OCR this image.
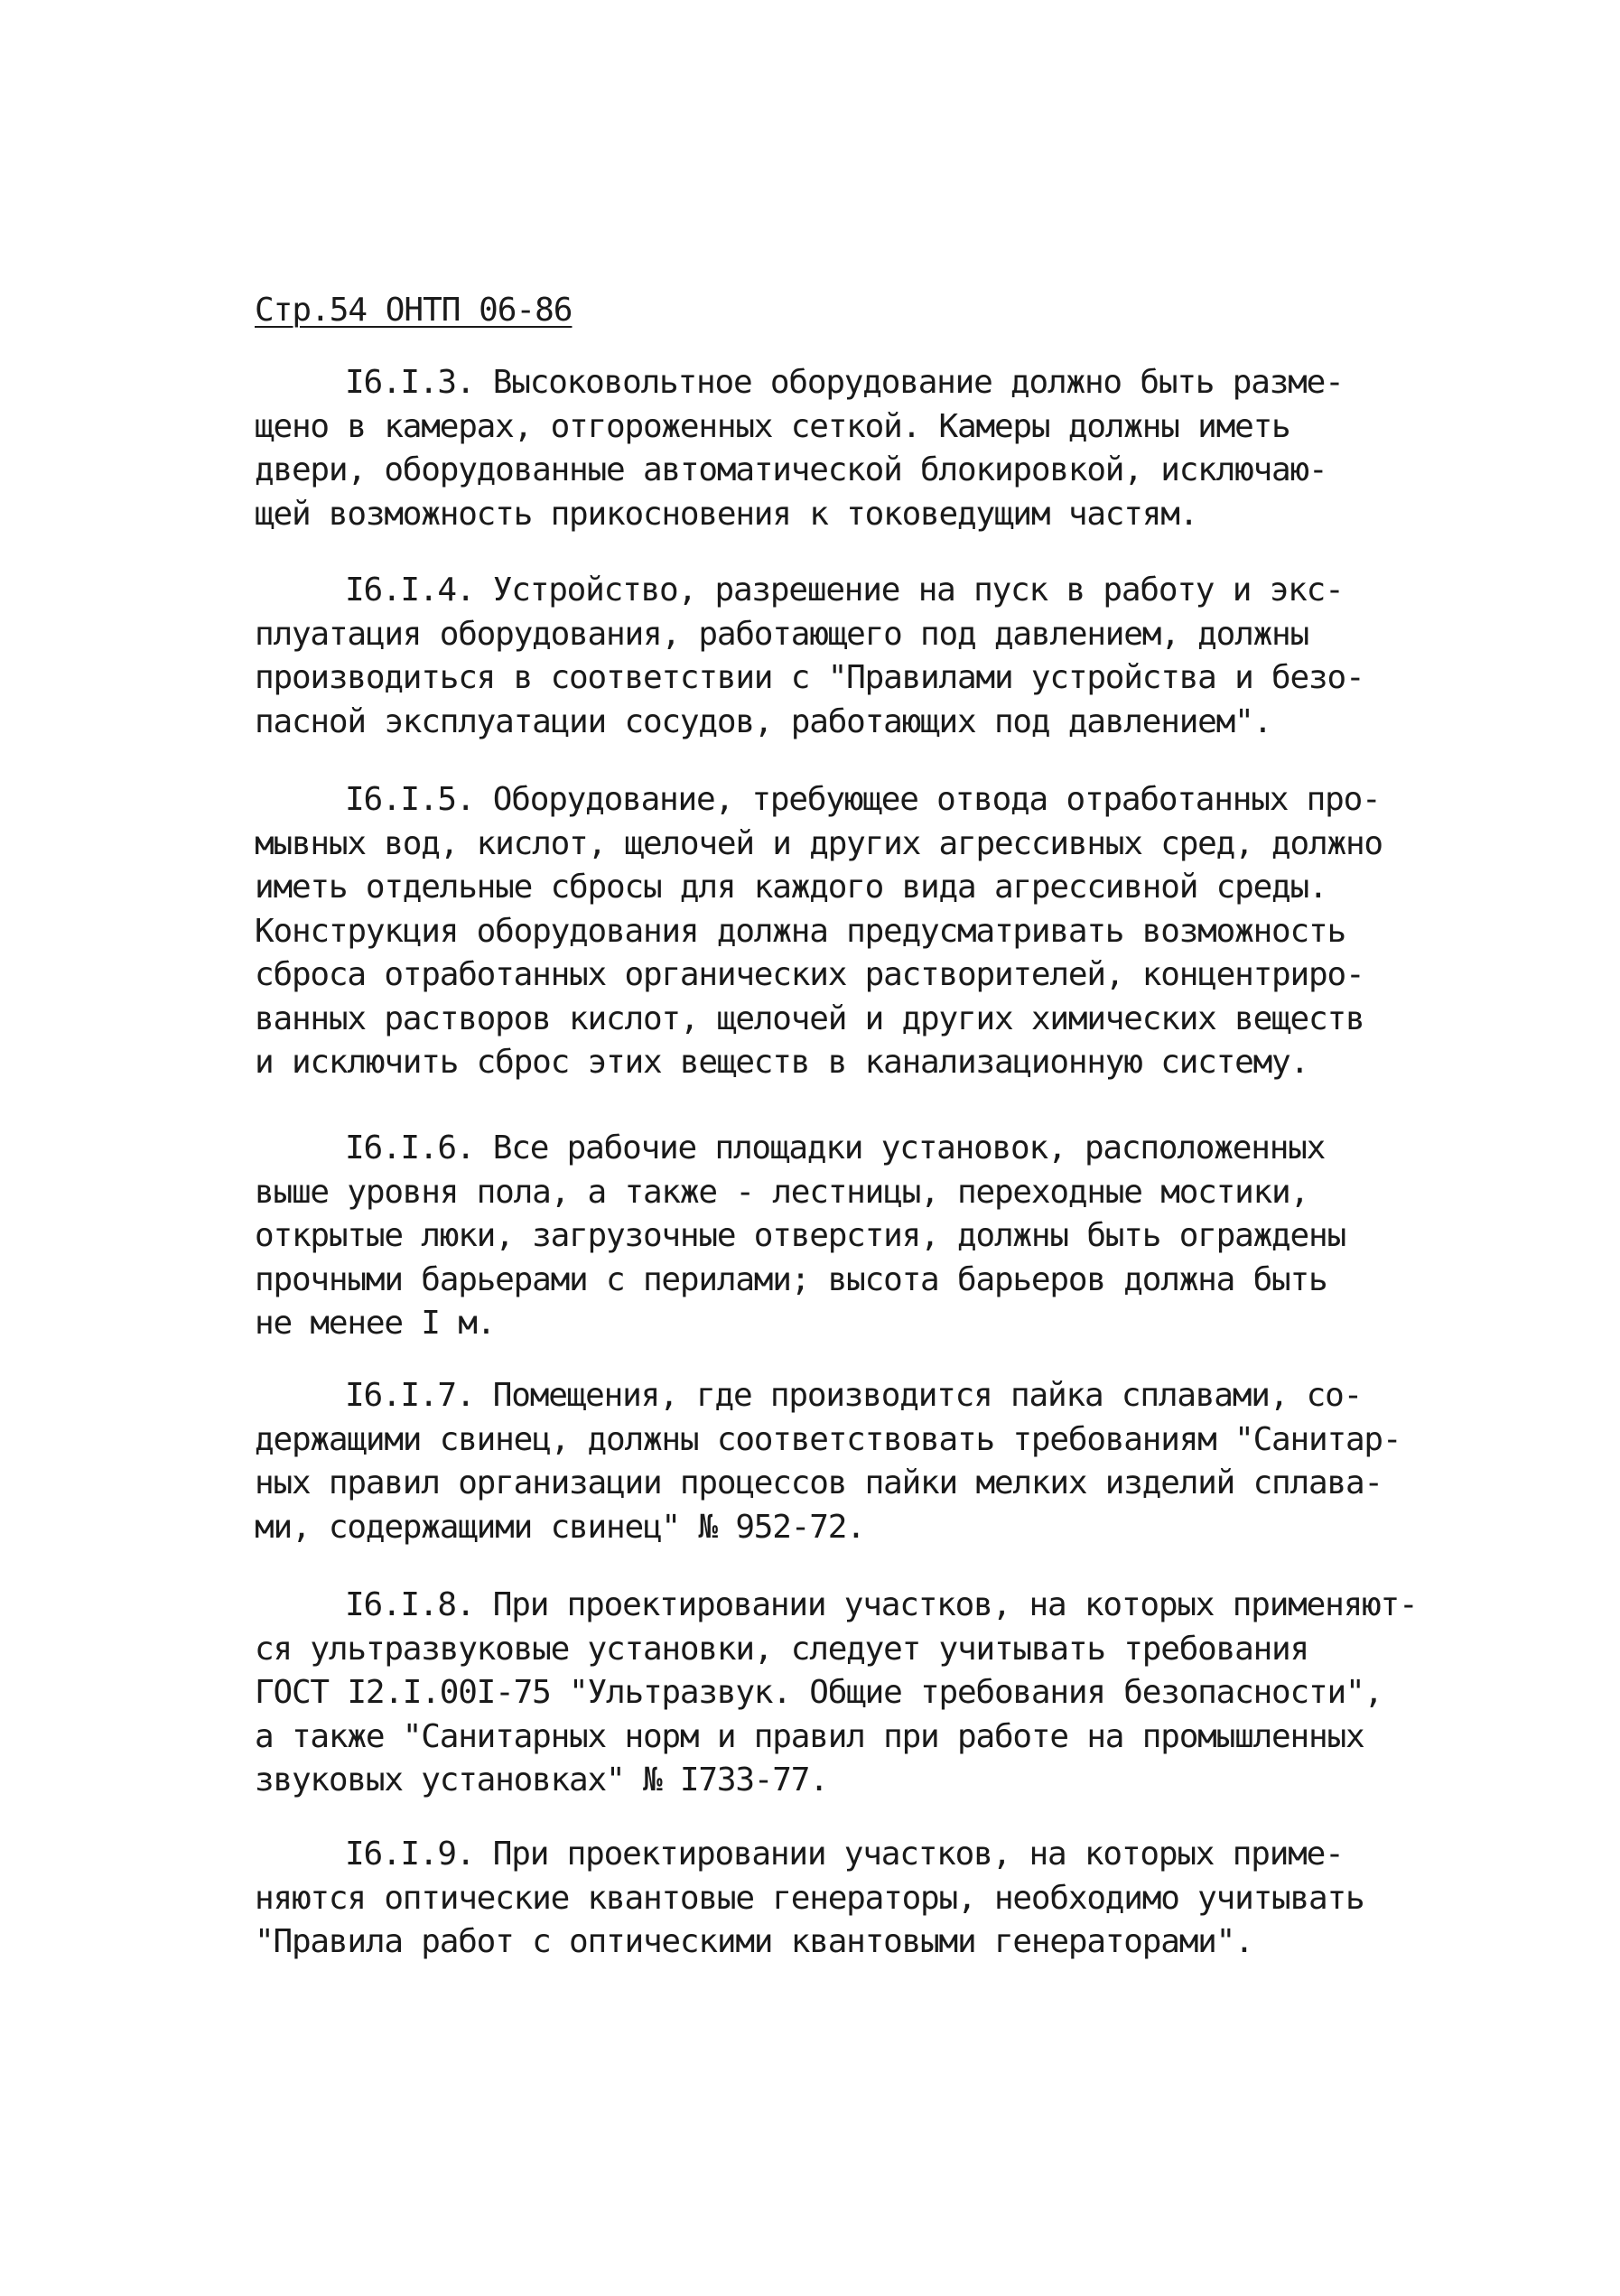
Стр.54 ОНТП 06-86
I6.I.3. Высоковольтное оборудование должно быть разме-
щено в камерах, отгороженных сеткой. Камеры должны иметь
двери, оборудованные автоматической блокировкой, исключаю-
щей возможность прикосновения к токоведущим частям.
I6.I.4. Устройство, разрешение на пуск в работу и экс-
плуатация оборудования, работающего под давлением, должны
производиться в соответствии с "Правилами устройства и безо-
пасной эксплуатации сосудов, работающих под давлением".
I6.I.5. Оборудование, требующее отвода отработанных про-
мывных вод, кислот, щелочей и других агрессивных сред, должно
иметь отдельные сбросы для каждого вида агрессивной среды.
Конструкция оборудования должна предусматривать возможность
сброса отработанных органических растворителей, концентриро-
ванных растворов кислот, щелочей и других химических веществ
и исключить сброс этих веществ в канализационную систему.
I6.I.6. Все рабочие площадки установок, расположенных
выше уровня пола, а также - лестницы, переходные мостики,
открытые люки, загрузочные отверстия, должны быть ограждены
прочными барьерами с перилами; высота барьеров должна быть
не менее I м.
I6.I.7. Помещения, где производится пайка сплавами, со-
держащими свинец, должны соответствовать требованиям "Санитар-
ных правил организации процессов пайки мелких изделий сплава-
ми, содержащими свинец" № 952-72.
I6.I.8. При проектировании участков, на которых применяют-
ся ультразвуковые установки, следует учитывать требования
ГОСТ I2.I.00I-75 "Ультразвук. Общие требования безопасности",
а также "Санитарных норм и правил при работе на промышленных
звуковых установках" № I733-77.
I6.I.9. При проектировании участков, на которых приме-
няются оптические квантовые генераторы, необходимо учитывать
"Правила работ с оптическими квантовыми генераторами".
